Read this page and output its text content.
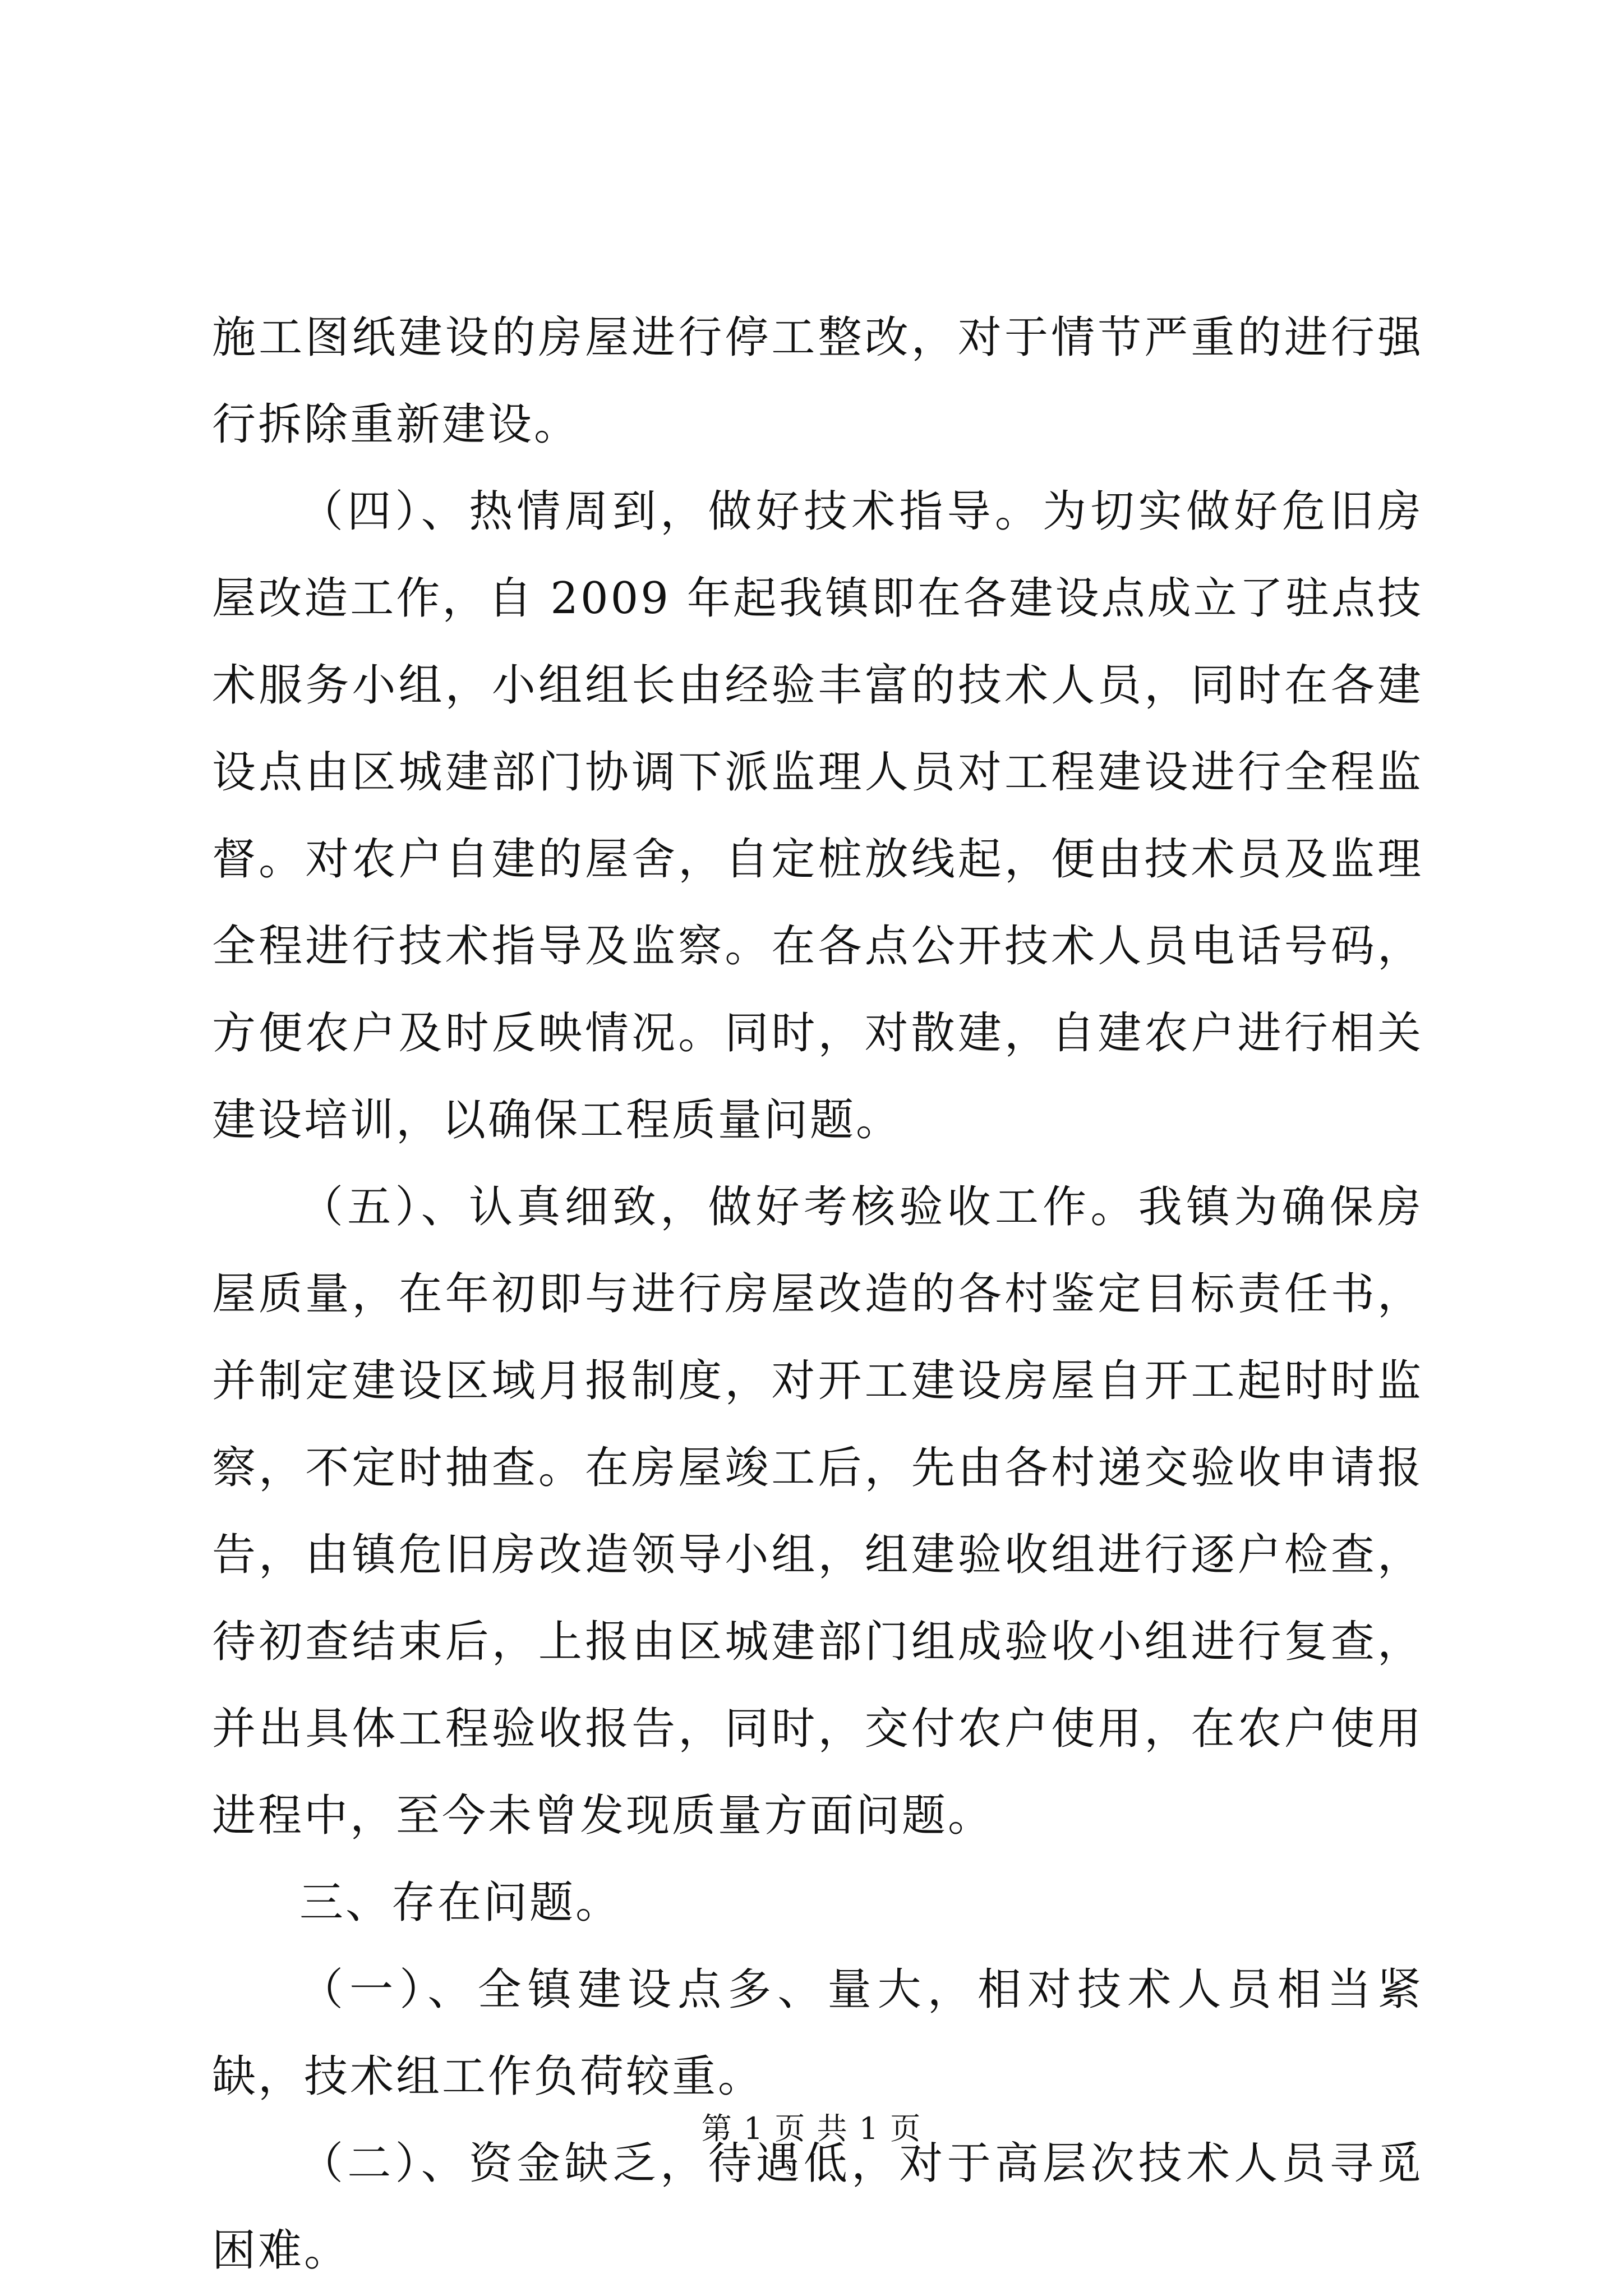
施工图纸建设的房屋进行停工整改，对于情节严重的进行强行拆除重新建设。

（四）、热情周到，做好技术指导。为切实做好危旧房屋改造工作，自 2009 年起我镇即在各建设点成立了驻点技术服务小组，小组组长由经验丰富的技术人员，同时在各建设点由区城建部门协调下派监理人员对工程建设进行全程监督。对农户自建的屋舍，自定桩放线起，便由技术员及监理全程进行技术指导及监察。在各点公开技术人员电话号码，方便农户及时反映情况。同时，对散建，自建农户进行相关建设培训，以确保工程质量问题。

（五）、认真细致，做好考核验收工作。我镇为确保房屋质量，在年初即与进行房屋改造的各村鉴定目标责任书，并制定建设区域月报制度，对开工建设房屋自开工起时时监察，不定时抽查。在房屋竣工后，先由各村递交验收申请报告，由镇危旧房改造领导小组，组建验收组进行逐户检查，待初查结束后，上报由区城建部门组成验收小组进行复查，并出具体工程验收报告，同时，交付农户使用，在农户使用进程中，至今未曾发现质量方面问题。

三、存在问题。

（一）、全镇建设点多、量大，相对技术人员相当紧缺，技术组工作负荷较重。

（二）、资金缺乏，待遇低，对于高层次技术人员寻觅困难。

第 1 页 共 1 页
